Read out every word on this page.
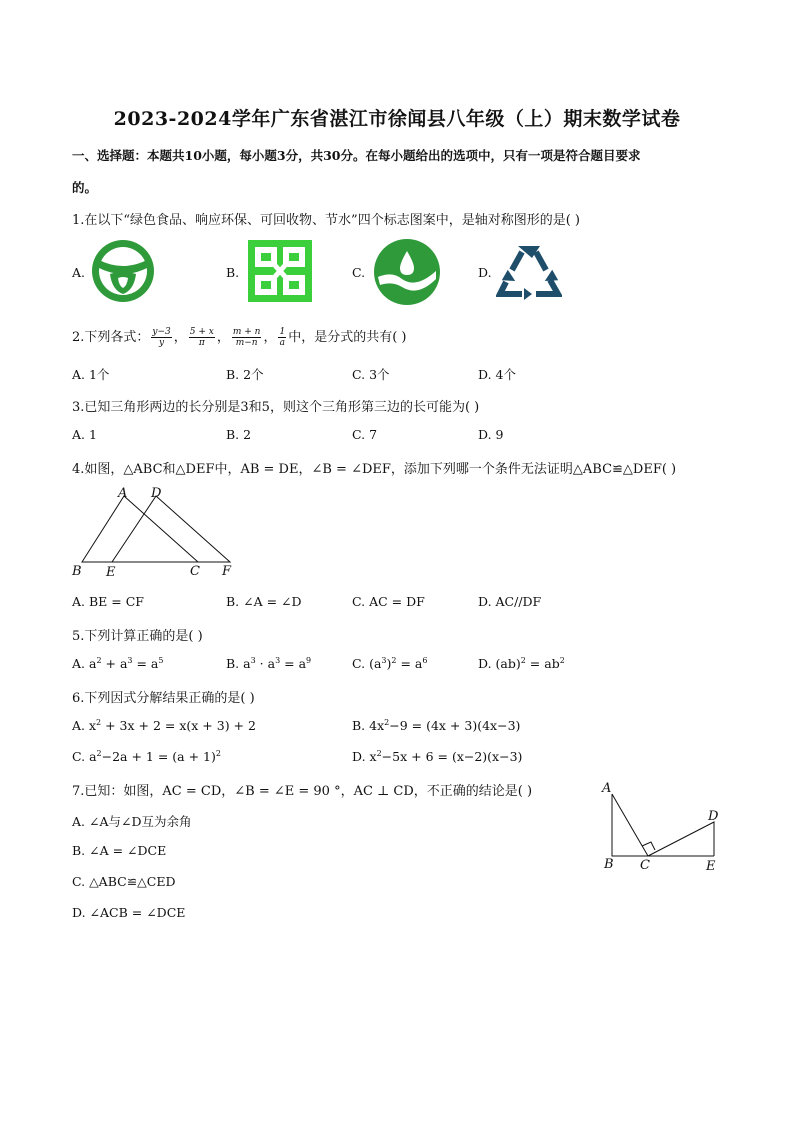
2023-2024学年广东省湛江市徐闻县八年级（上）期末数学试卷
一、选择题：本题共10小题，每小题3分，共30分。在每小题给出的选项中，只有一项是符合题目要求
的。
1.在以下“绿色食品、响应环保、可回收物、节水”四个标志图案中，是轴对称图形的是( )
A.	B.	C.	D.
2.下列各式： $\frac{y-3}{y}$ ， $\frac{5 + x}{\pi}$ ， $\frac{m + n}{m-n}$ ， $\frac{1}{a}$ 中，是分式的共有( )
A. 1个	B. 2个	C. 3个	D. 4个
3.已知三角形两边的长分别是3和5，则这个三角形第三边的长可能为( )
A. 1	B. 2	C. 7	D. 9
4.如图，△ABC和△DEF中，AB = DE，∠B = ∠DEF，添加下列哪一个条件无法证明△ABC≌△DEF( )
A D
B E	C F
A. BE = CF	B. ∠A = ∠D	C. AC = DF	D. AC//DF
5.下列计算正确的是( )
A. $a^2 + a^3 = a^5$	B. $a^3 \cdot a^3 = a^9$	C. $(a^3)^2 = a^6$	D. $(ab)^2 = ab^2$
6.下列因式分解结果正确的是( )
A. $x^2 + 3x + 2 = x(x + 3) + 2$	B. $4x^2-9 = (4x + 3)(4x-3)$
C. $a^2-2a + 1 = (a + 1)^2$	D. $x^2-5x + 6 = (x-2)(x-3)$
7.已知：如图，AC = CD，∠B = ∠E = 90 °，AC ⊥ CD，不正确的结论是( )
A. ∠A与∠D互为余角
B. ∠A = ∠DCE
C. △ABC≌△CED
D. ∠ACB = ∠DCE
A
D
B C	E
